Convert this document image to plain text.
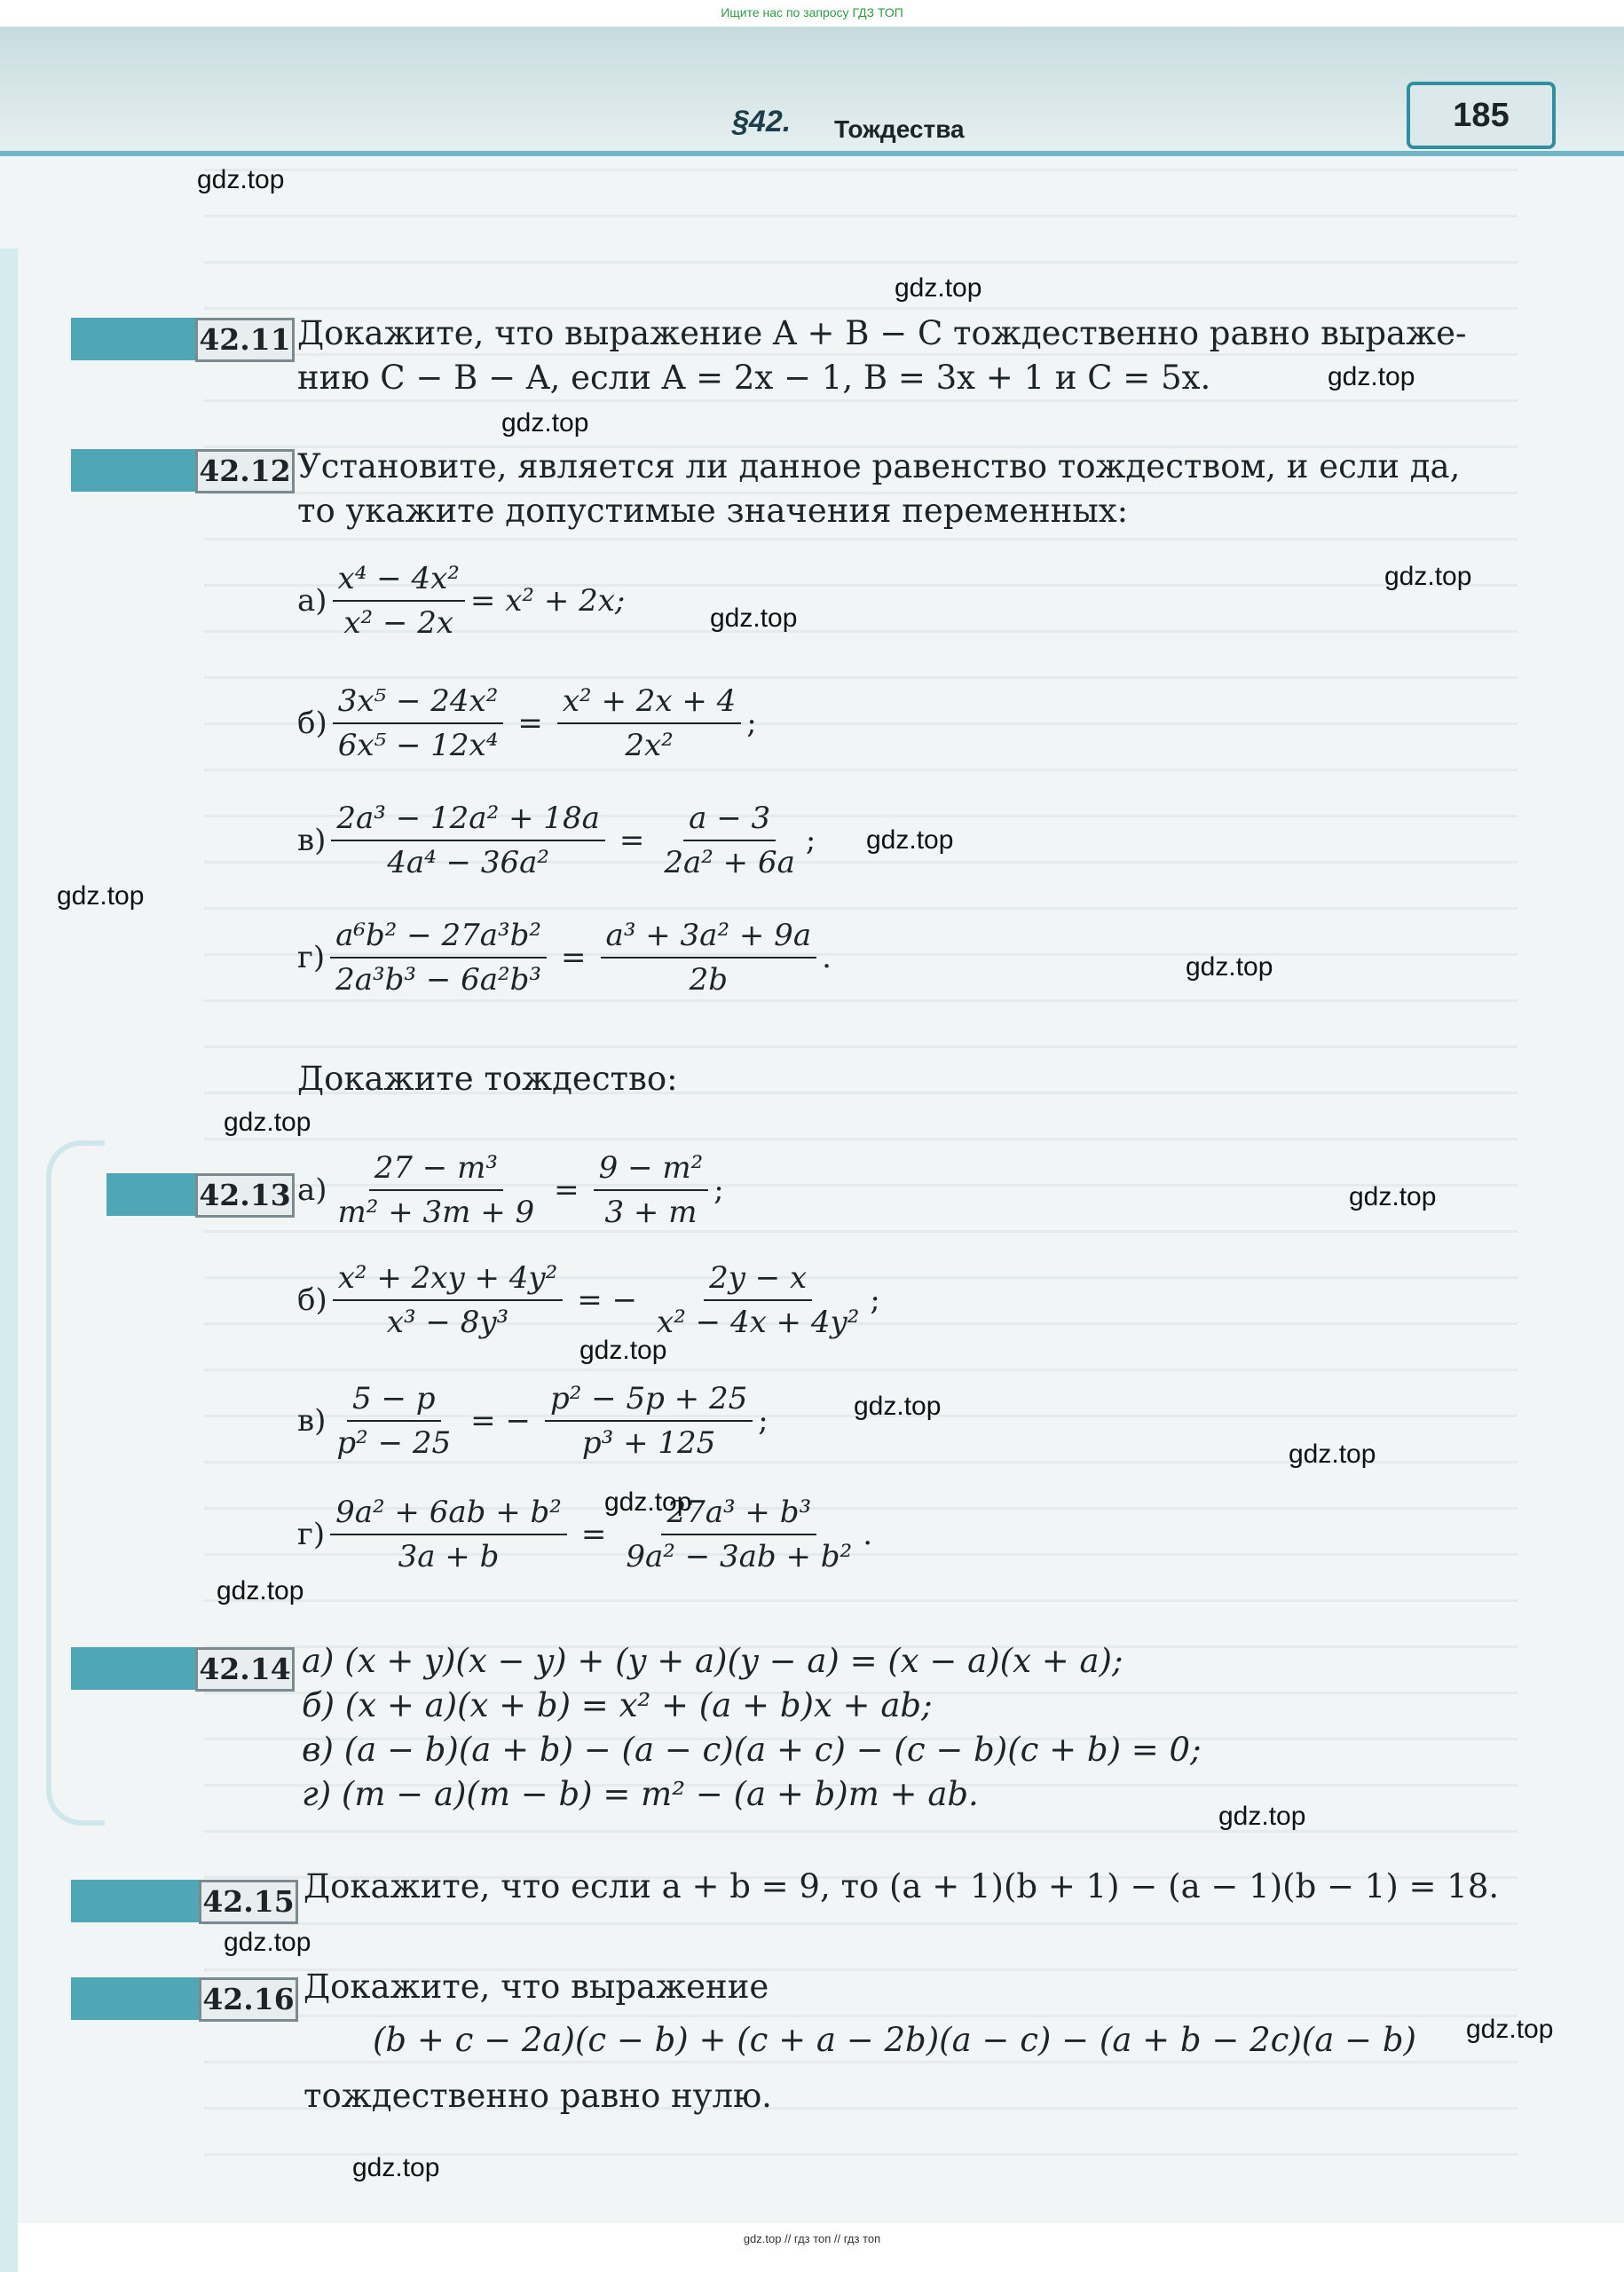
Ищите нас по запросу ГДЗ ТОП
§42. Тождества	185
42.11 Докажите, что выражение A + B − C тождественно равно выраже-
нию C − B − A, если A = 2x − 1, B = 3x + 1 и C = 5x.
42.12 Установите, является ли данное равенство тождеством, и если да,
то укажите допустимые значения переменных:
$а) \frac{\text{x⁴ − 4x²}}{\text{x² − 2x}} = x^2 + 2x$;
$б) \frac{\text{3x⁵ − 24x²}}{\text{6x⁵ − 12x⁴}} = \frac{\text{x² + 2x + 4}}{\text{2x²}}$ ;
$в) \frac{\text{2a³ − 12a² + 18a}}{\text{4a⁴ − 36a²}} = \frac{a - 3}{\text{2a² + 6a}}$ ;
$г) \frac{\text{a⁶b² − 27a³b²}}{\text{2a³b³ − 6a²b³}} = \frac{\text{a³ + 3a² + 9a}}{2b}$ .
Докажите тождество:
42.13 $а) \frac{\text{27 − m³}}{\text{m² + 3m + 9}} = \frac{\text{9 − m²}}{3 + m}$ ;
$б) \frac{\text{x² + 2xy + 4y²}}{\text{x³ − 8y³}}$ = − $\frac{2y - x}{\text{x² − 4x + 4y²}}$ ;
$в) \frac{5 - p}{\text{p² − 25}}$ = − $\frac{\text{p² − 5p + 25}}{\text{p³ + 125}}$ ;
$г) \frac{\text{9a² + 6ab + b²}}{3a + b} = \frac{\text{27a³ + b³}}{\text{9a² − 3ab + b²}}$ .
42.14 а) (x + y)(x − y) + (y + a)(y − a) = (x − a)(x + a);
б) (x + a)(x + b) = x² + (a + b)x + ab;
в) (a − b)(a + b) − (a − c)(a + c) − (c − b)(c + b) = 0;
г) (m − a)(m − b) = m² − (a + b)m + ab.
42.15 Докажите, что если a + b = 9, то (a + 1)(b + 1) − (a − 1)(b − 1) = 18.
42.16 Докажите, что выражение
(b + c − 2a)(c − b) + (c + a − 2b)(a − c) − (a + b − 2c)(a − b)
тождественно равно нулю.
gdz.top
gdz.top
gdz.top
gdz.top
gdz.top
gdz.top
gdz.top
gdz.top
gdz.top
gdz.top
gdz.top
gdz.top
gdz.top
gdz.top
gdz.top
gdz.top
gdz.top
gdz.top
gdz.top
gdz.top
gdz.top // гдз топ // гдз топ
